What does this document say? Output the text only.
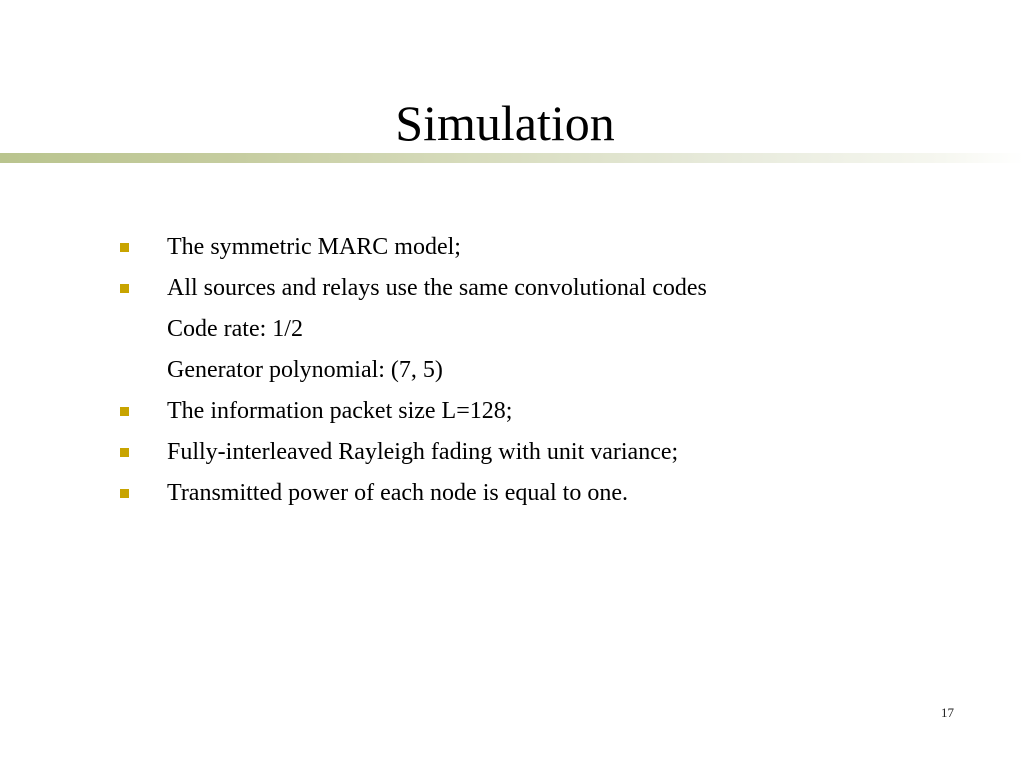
Simulation
The symmetric MARC model;
All sources and relays use the same convolutional codes
Code rate: 1/2
Generator polynomial: (7, 5)
The information packet size L=128;
Fully-interleaved Rayleigh fading with unit variance;
Transmitted power of each node is equal to one.
17
